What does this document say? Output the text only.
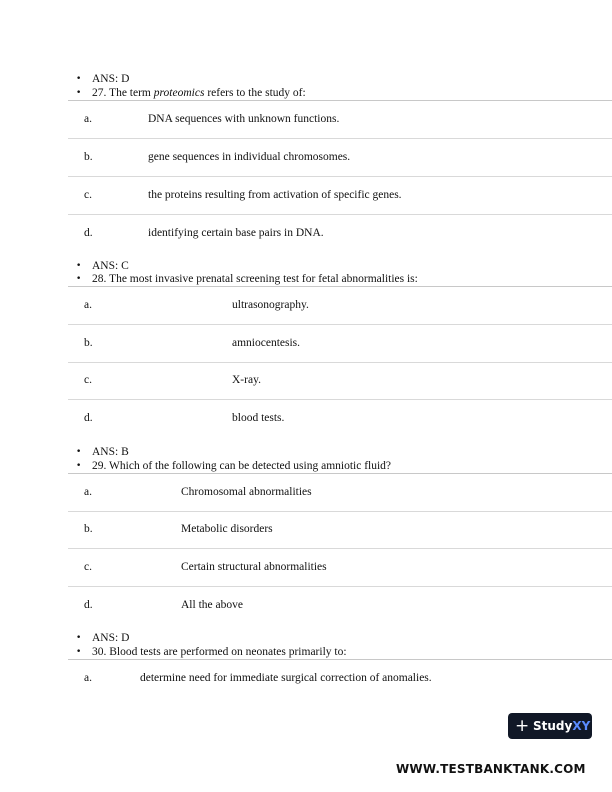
• ANS: D
• 27. The term proteomics refers to the study of:
a.	DNA sequences with unknown functions.
b.	gene sequences in individual chromosomes.
c.	the proteins resulting from activation of specific genes.
d.	identifying certain base pairs in DNA.
• ANS: C
• 28. The most invasive prenatal screening test for fetal abnormalities is:
a.	ultrasonography.
b.	amniocentesis.
c.	X-ray.
d.	blood tests.
• ANS: B
• 29. Which of the following can be detected using amniotic fluid?
a.	Chromosomal abnormalities
b.	Metabolic disorders
c.	Certain structural abnormalities
d.	All the above
• ANS: D
• 30. Blood tests are performed on neonates primarily to:
a.	determine need for immediate surgical correction of anomalies.
+ StudyXY
WWW.TESTBANKTANK.COM
